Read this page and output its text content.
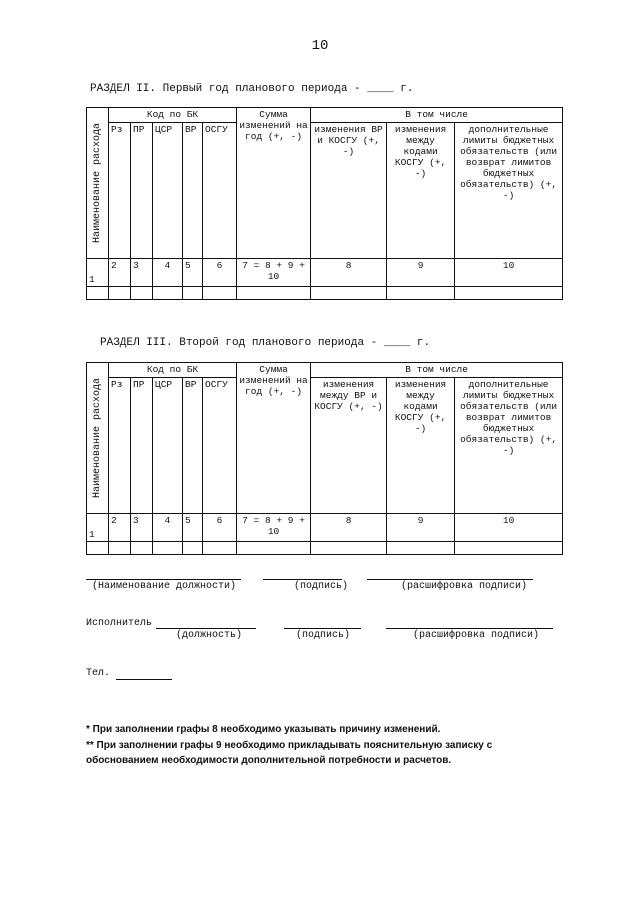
10
РАЗДЕЛ II. Первый год планового периода - ____ г.
Наименование расхода	Код по БК					Сумма изменений на год (+, -)	В том числе		
	Рз	ПР	ЦСР	ВР	ОСГУ		изменения ВР и КОСГУ (+, -)	изменения между кодами КОСГУ (+, -)	дополнительные лимиты бюджетных обязательств (или возврат лимитов бюджетных обязательств) (+, -)
1	2	3	4	5	6	7 = 8 + 9 + 10	8	9	10

РАЗДЕЛ III. Второй год планового периода - ____ г.
Наименование расхода	Код по БК					Сумма изменений на год (+, -)	В том числе		
	Рз	ПР	ЦСР	ВР	ОСГУ		изменения между ВР и КОСГУ (+, -)	изменения между кодами КОСГУ (+, -)	дополнительные лимиты бюджетных обязательств (или возврат лимитов бюджетных обязательств) (+, -)
1	2	3	4	5	6	7 = 8 + 9 + 10	8	9	10

(Наименование должности)	(подпись)	(расшифровка подписи)
Исполнитель
(должность)	(подпись)	(расшифровка подписи)
Тел.
* При заполнении графы 8 необходимо указывать причину изменений.
** При заполнении графы 9 необходимо прикладывать пояснительную записку с обоснованием необходимости дополнительной потребности и расчетов.
